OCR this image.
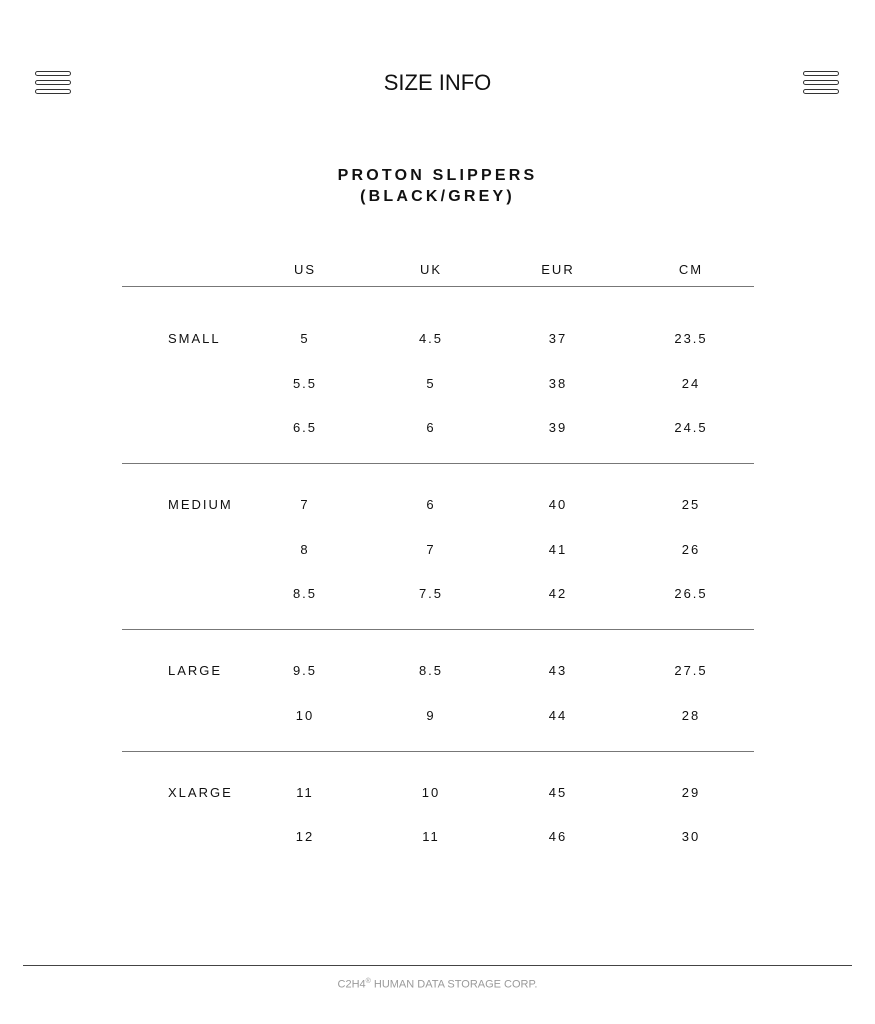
SIZE INFO
PROTON SLIPPERS
(BLACK/GREY)
US	UK	EUR	CM
SMALL	5	4.5	37	23.5
5.5	5	38	24
6.5	6	39	24.5
MEDIUM	7	6	40	25
8	7	41	26
8.5	7.5	42	26.5
LARGE	9.5	8.5	43	27.5
10	9	44	28
XLARGE	11	10	45	29
12	11	46	30
C2H4® HUMAN DATA STORAGE CORP.
